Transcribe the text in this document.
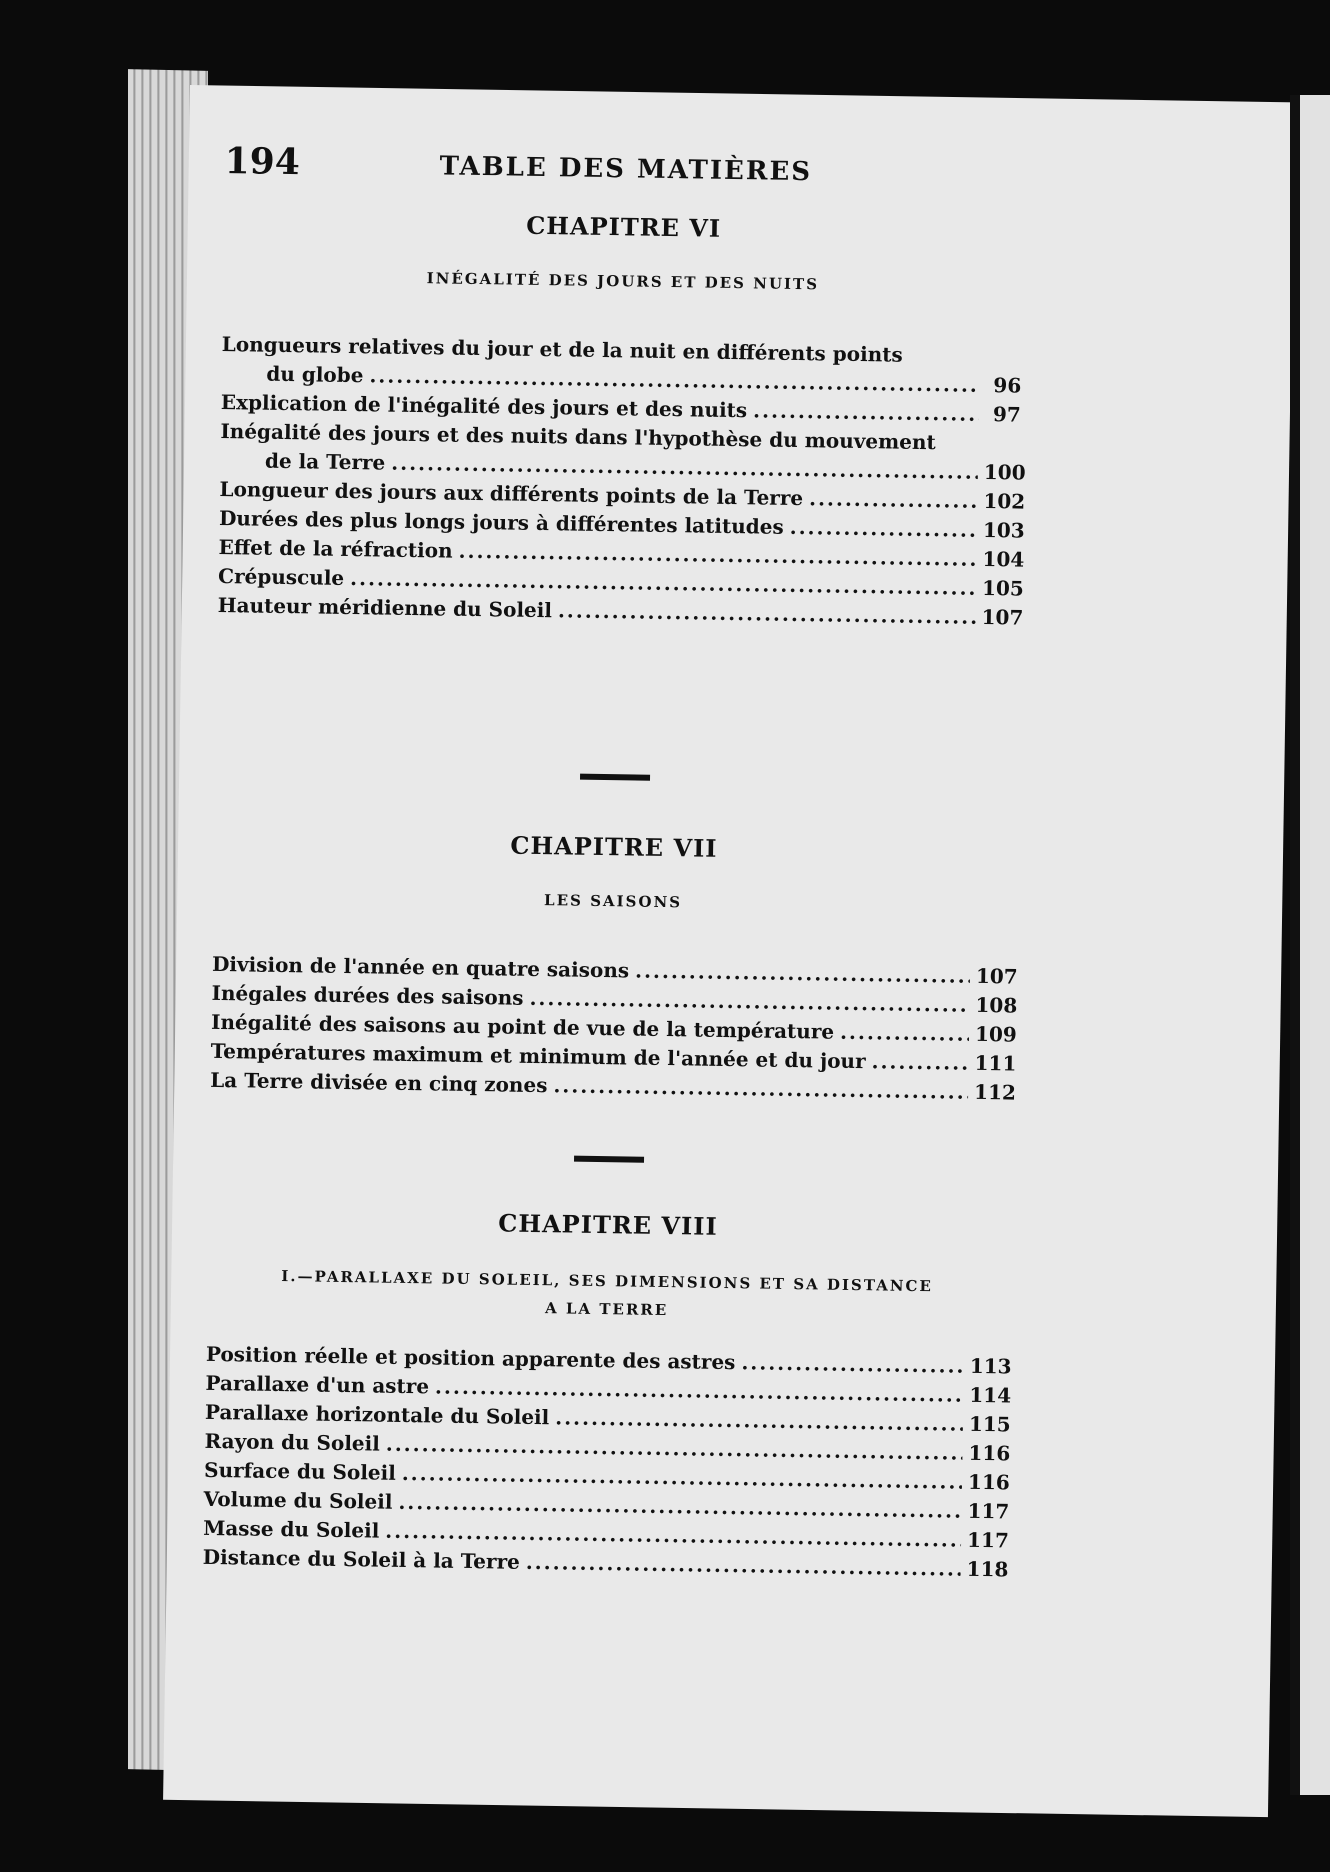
194	TABLE DES MATIÈRES
CHAPITRE VI
INÉGALITÉ DES JOURS ET DES NUITS
Longueurs relatives du jour et de la nuit en différents points
du globe .....	96
Explication de l'inégalité des jours et des nuits .....	97
Inégalité des jours et des nuits dans l'hypothèse du mouvement
de la Terre .....	100
Longueur des jours aux différents points de la Terre .....	102
Durées des plus longs jours à différentes latitudes .....	103
Effet de la réfraction .....	104
Crépuscule .....	105
Hauteur méridienne du Soleil .....	107
CHAPITRE VII
LES SAISONS
Division de l'année en quatre saisons .....	107
Inégales durées des saisons .....	108
Inégalité des saisons au point de vue de la température .....	109
Températures maximum et minimum de l'année et du jour .....	111
La Terre divisée en cinq zones .....	112
CHAPITRE VIII
I.—PARALLAXE DU SOLEIL, SES DIMENSIONS ET SA DISTANCE
A LA TERRE
Position réelle et position apparente des astres .....	113
Parallaxe d'un astre .....	114
Parallaxe horizontale du Soleil .....	115
Rayon du Soleil .....	116
Surface du Soleil .....	116
Volume du Soleil .....	117
Masse du Soleil .....	117
Distance du Soleil à la Terre .....	118
